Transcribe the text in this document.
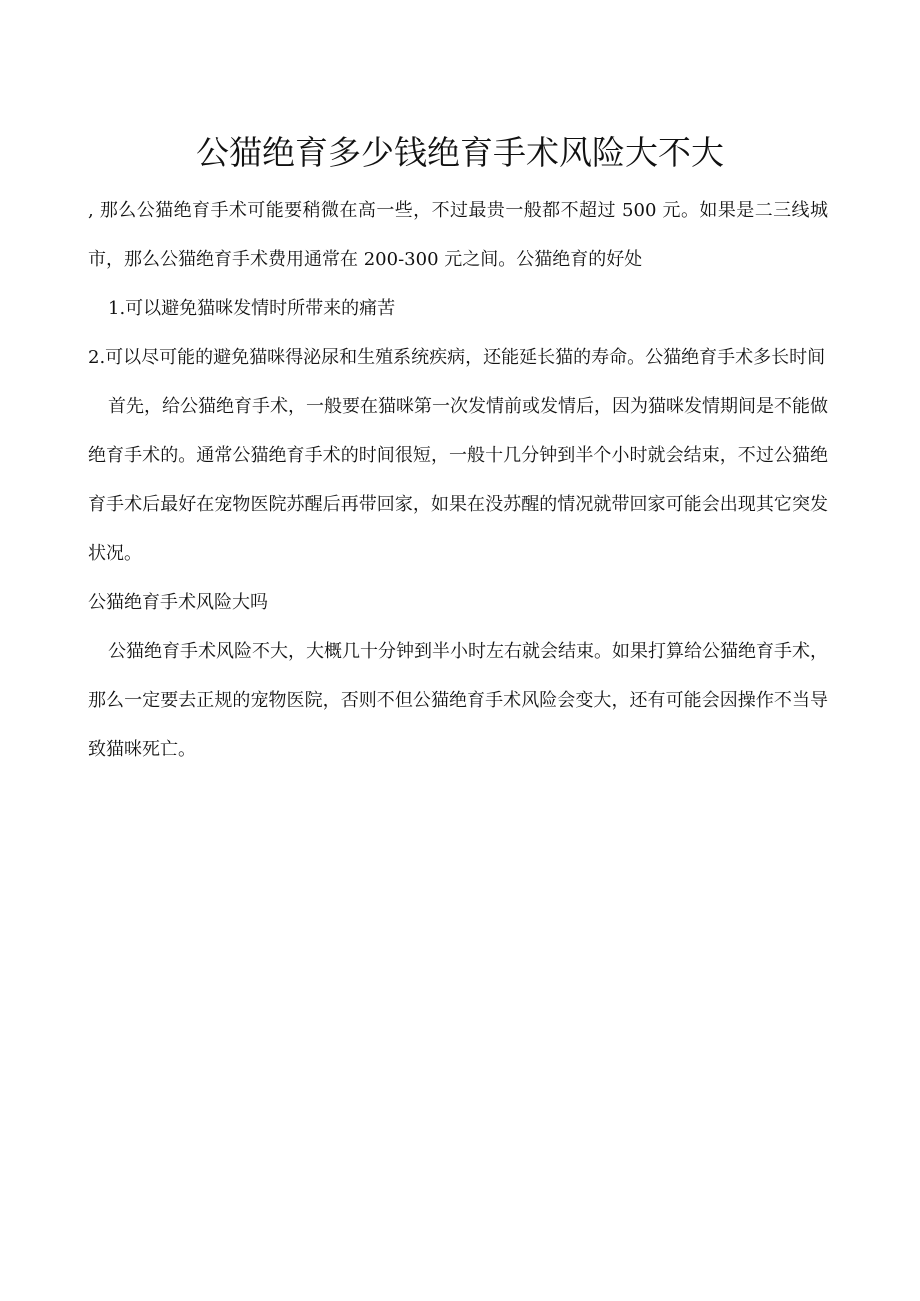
公猫绝育多少钱绝育手术风险大不大

, 那么公猫绝育手术可能要稍微在高一些，不过最贵一般都不超过 500 元。如果是二三线城市，那么公猫绝育手术费用通常在 200-300 元之间。公猫绝育的好处

1.可以避免猫咪发情时所带来的痛苦

2.可以尽可能的避免猫咪得泌尿和生殖系统疾病，还能延长猫的寿命。公猫绝育手术多长时间

首先，给公猫绝育手术，一般要在猫咪第一次发情前或发情后，因为猫咪发情期间是不能做绝育手术的。通常公猫绝育手术的时间很短，一般十几分钟到半个小时就会结束，不过公猫绝育手术后最好在宠物医院苏醒后再带回家，如果在没苏醒的情况就带回家可能会出现其它突发状况。

公猫绝育手术风险大吗

公猫绝育手术风险不大，大概几十分钟到半小时左右就会结束。如果打算给公猫绝育手术，那么一定要去正规的宠物医院，否则不但公猫绝育手术风险会变大，还有可能会因操作不当导致猫咪死亡。
